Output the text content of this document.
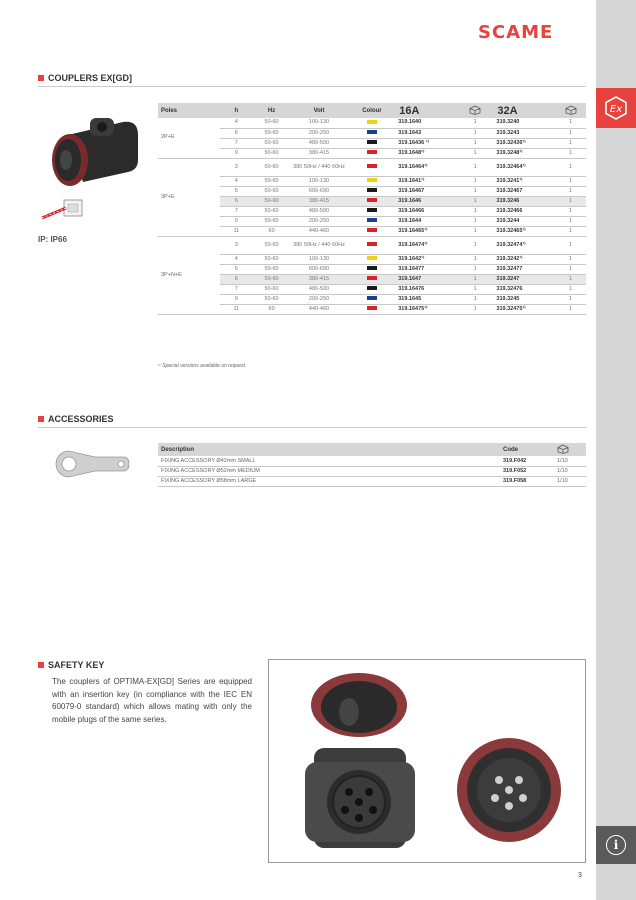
SCAME
Ex
i
COUPLERS EX[GD]
IP: IP66
Poles	h	Hz	Volt	Colour	16A		32A	
2P+E	4	50-60	100-130		319.1640	1	319.3240	1
	6	50-60	200-250		319.1643	1	319.3243	1
	7	50-60	480-500		319.16436 ¹⁾	1	319.32436¹⁾	1
	9	50-60	380-415		319.1648¹⁾	1	319.3248¹⁾	1
3P+E	3	50-60	380 50Hz / 440 60Hz		319.16464¹⁾	1	319.32464¹⁾	1
	4	50-60	100-130		319.1641¹⁾	1	319.3241¹⁾	1
	5	50-60	600-690		319.16467	1	319.32467	1
	6	50-60	380-415		319.1646	1	319.3246	1
	7	50-60	480-500		319.16466	1	319.32466	1
	9	50-60	200-250		319.1644	1	319.3244	1
	11	60	440-460		319.16465¹⁾	1	319.32465¹⁾	1
3P+N+E	3	50-60	380 50Hz / 440 60Hz		319.16474¹⁾	1	319.32474¹⁾	1
	4	50-60	100-130		319.1642¹⁾	1	319.3242¹⁾	1
	5	50-60	600-690		319.16477	1	319.32477	1
	6	50-60	380-415		319.1647	1	319.3247	1
	7	50-60	480-500		319.16476	1	319.32476	1
	9	50-60	200-250		319.1645	1	319.3245	1
	11	60	440-460		319.16475¹⁾	1	319.32475¹⁾	1
¹⁾ Special versions available on request.
ACCESSORIES
Description	Code	
FIXING ACCESSORY Ø42mm SMALL	319.F042	1/10
FIXING ACCESSORY Ø52mm MEDIUM	319.F052	1/10
FIXING ACCESSORY Ø58mm LARGE	319.F058	1/10
SAFETY KEY
The couplers of OPTIMA-EX[GD] Series are equipped with an insertion key (in compliance with the IEC EN 60079-0 standard) which allows mating with only the mobile plugs of the same series.
3
